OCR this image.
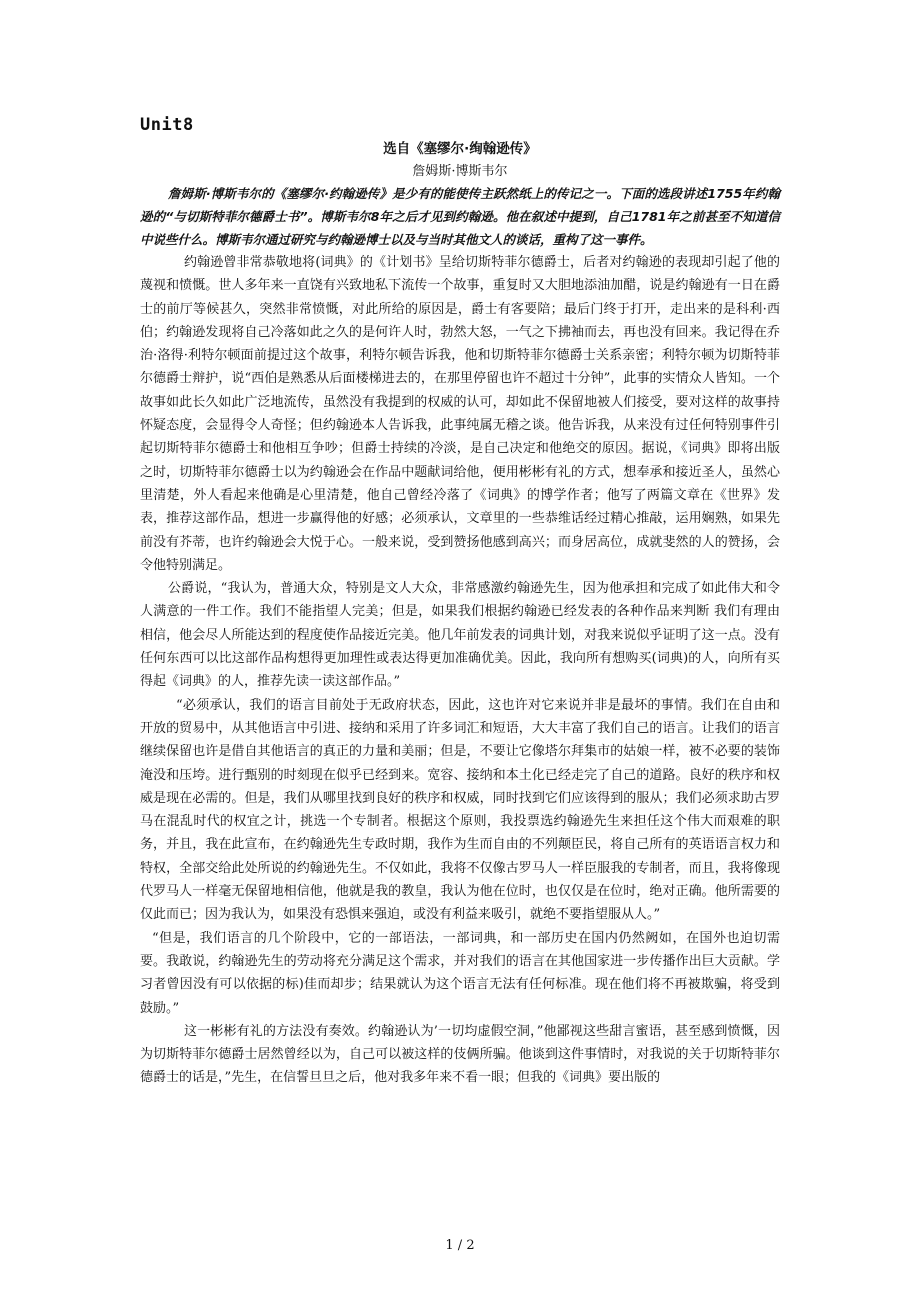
Unit8

选自《塞缪尔·绚翰逊传》

詹姆斯·博斯韦尔

詹姆斯·博斯韦尔的《塞缪尔·约翰逊传》是少有的能使传主跃然纸上的传记之一。下面的选段讲述1755年约翰逊的“与切斯特菲尔德爵士书”。博斯韦尔8年之后才见到约翰逊。他在叙述中提到，自己1781年之前甚至不知道信中说些什么。博斯韦尔通过研究与约翰逊博士以及与当时其他文人的谈话，重构了这一事件。

约翰逊曾非常恭敬地将(词典》的《计划书》呈给切斯特菲尔德爵士，后者对约翰逊的表现却引起了他的蔑视和愤慨。世人多年来一直饶有兴致地私下流传一个故事，重复时又大胆地添油加醋，说是约翰逊有一日在爵士的前厅等候甚久，突然非常愤慨，对此所给的原因是，爵士有客要陪；最后门终于打开，走出来的是科利·西伯；约翰逊发现将自己冷落如此之久的是何许人时，勃然大怒，一气之下拂袖而去，再也没有回来。我记得在乔治·洛得·利特尔顿面前提过这个故事，利特尔顿告诉我，他和切斯特菲尔德爵士关系亲密；利特尔顿为切斯特菲尔德爵士辩护，说“西伯是熟悉从后面楼梯进去的，在那里停留也许不超过十分钟”，此事的实情众人皆知。一个故事如此长久如此广泛地流传，虽然没有我提到的权威的认可，却如此不保留地被人们接受，要对这样的故事持怀疑态度，会显得令人奇怪；但约翰逊本人告诉我，此事纯属无稽之谈。他告诉我，从来没有过任何特别事件引起切斯特菲尔德爵士和他相互争吵；但爵士持续的冷淡，是自己决定和他绝交的原因。据说，《词典》即将出版之时，切斯特菲尔德爵士以为约翰逊会在作品中题献词给他，便用彬彬有礼的方式，想奉承和接近圣人，虽然心里清楚，外人看起来他确是心里清楚，他自己曾经冷落了《词典》的博学作者；他写了两篇文章在《世界》发表，推荐这部作品，想进一步赢得他的好感；必须承认，文章里的一些恭维话经过精心推敲，运用娴熟，如果先前没有芥蒂，也许约翰逊会大悦于心。一般来说，受到赞扬他感到高兴；而身居高位，成就斐然的人的赞扬，会令他特别满足。

公爵说，“我认为，普通大众，特别是文人大众，非常感激约翰逊先生，因为他承担和完成了如此伟大和令人满意的一件工作。我们不能指望人完美；但是，如果我们根据约翰逊已经发表的各种作品来判断 我们有理由相信，他会尽人所能达到的程度使作品接近完美。他几年前发表的词典计划，对我来说似乎证明了这一点。没有任何东西可以比这部作品构想得更加理性或表达得更加准确优美。因此，我向所有想购买(词典)的人，向所有买得起《词典》的人，推荐先读一读这部作品。”

“必须承认，我们的语言目前处于无政府状态，因此，这也许对它来说并非是最坏的事情。我们在自由和开放的贸易中，从其他语言中引进、接纳和采用了许多词汇和短语，大大丰富了我们自己的语言。让我们的语言继续保留也许是借自其他语言的真正的力量和美丽；但是，不要让它像塔尔拜集市的姑娘一样，被不必要的装饰淹没和压垮。进行甄别的时刻现在似乎已经到来。宽容、接纳和本土化已经走完了自己的道路。良好的秩序和权威是现在必需的。但是，我们从哪里找到良好的秩序和权威，同时找到它们应该得到的服从；我们必须求助古罗马在混乱时代的权宜之计，挑选一个专制者。根据这个原则，我投票选约翰逊先生来担任这个伟大而艰难的职务，并且，我在此宣布，在约翰逊先生专政时期，我作为生而自由的不列颠臣民，将自己所有的英语语言权力和特权，全部交给此处所说的约翰逊先生。不仅如此，我将不仅像古罗马人一样臣服我的专制者，而且，我将像现代罗马人一样毫无保留地相信他，他就是我的教皇，我认为他在位时，也仅仅是在位时，绝对正确。他所需要的仅此而已；因为我认为，如果没有恐惧来强迫，或没有利益来吸引，就绝不要指望服从人。”

“但是，我们语言的几个阶段中，它的一部语法，一部词典，和一部历史在国内仍然阙如，在国外也迫切需要。我敢说，约翰逊先生的劳动将充分满足这个需求，并对我们的语言在其他国家进一步传播作出巨大贡献。学习者曾因没有可以依据的标)佳而却步；结果就认为这个语言无法有任何标准。现在他们将不再被欺骗，将受到鼓励。”

这一彬彬有礼的方法没有奏效。约翰逊认为’一切均虚假空洞，”他鄙视这些甜言蜜语，甚至感到愤慨，因为切斯特菲尔德爵士居然曾经以为，自己可以被这样的伎俩所骗。他谈到这件事情时，对我说的关于切斯特菲尔德爵士的话是，”先生，在信誓旦旦之后，他对我多年来不看一眼；但我的《词典》要出版的

1 / 2
